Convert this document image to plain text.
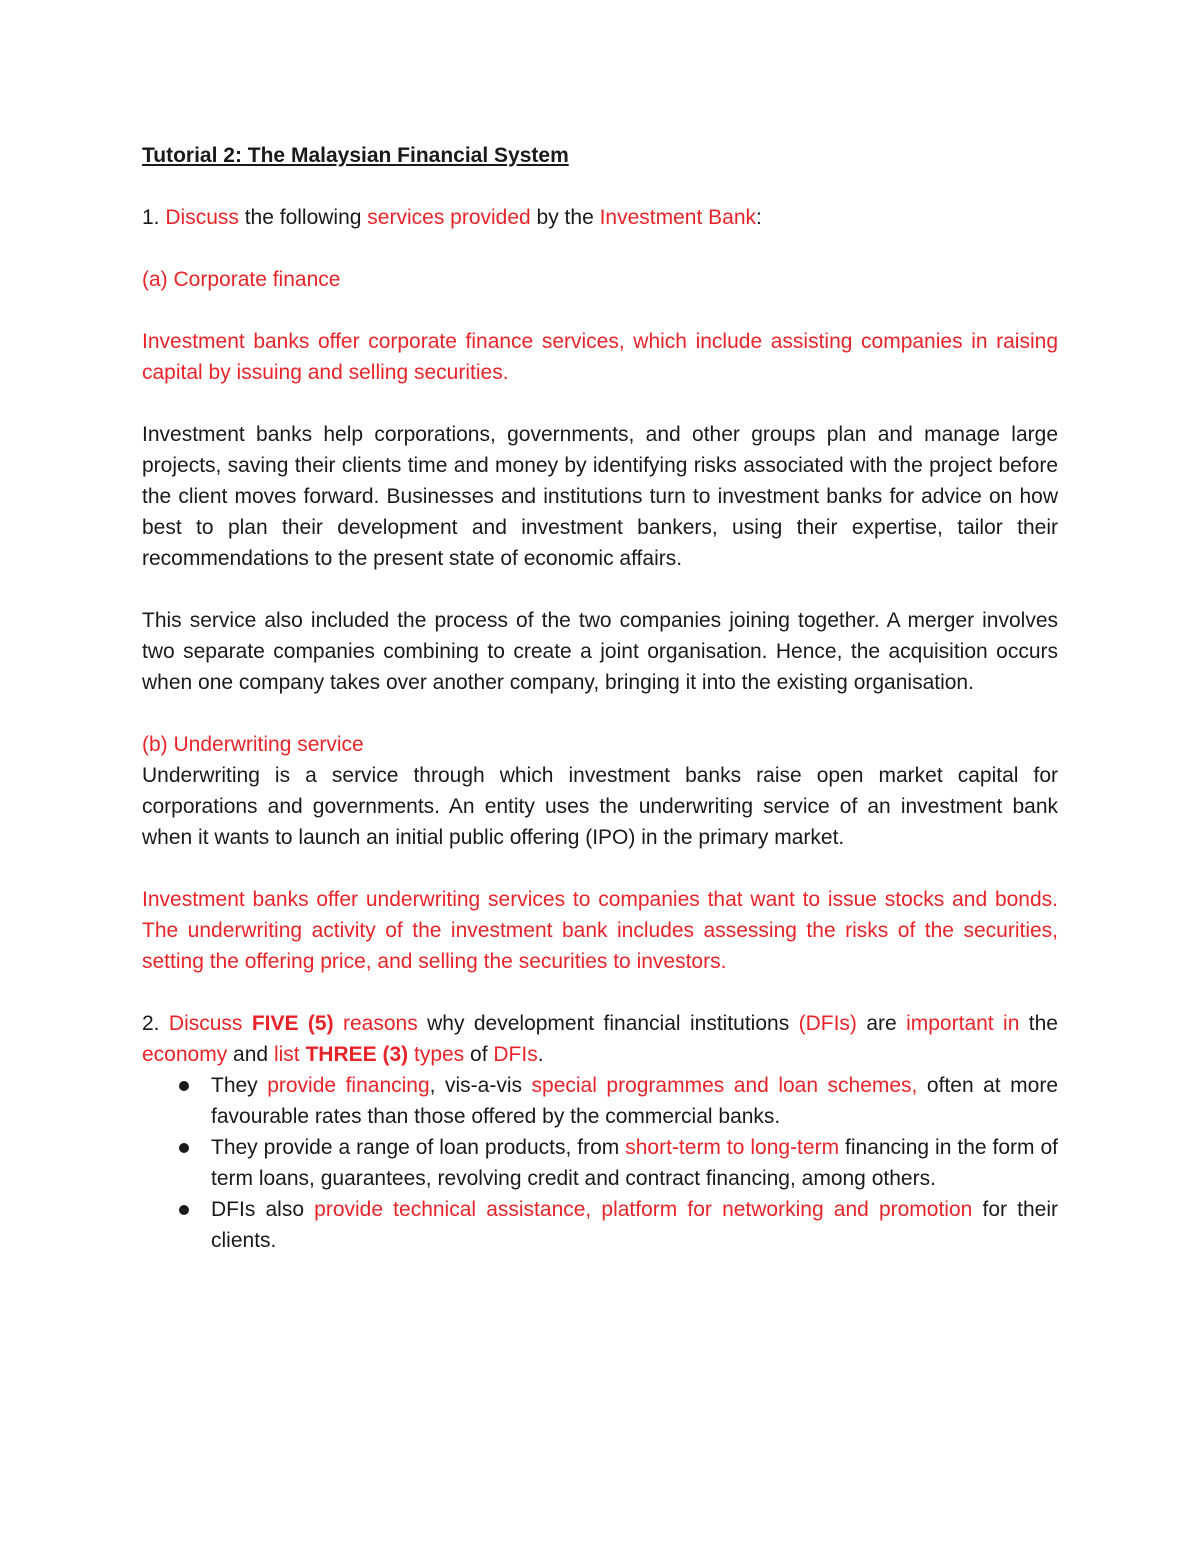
Tutorial 2: The Malaysian Financial System

1. Discuss the following services provided by the Investment Bank:

(a) Corporate finance

Investment banks offer corporate finance services, which include assisting companies in raising capital by issuing and selling securities.

Investment banks help corporations, governments, and other groups plan and manage large projects, saving their clients time and money by identifying risks associated with the project before the client moves forward. Businesses and institutions turn to investment banks for advice on how best to plan their development and investment bankers, using their expertise, tailor their recommendations to the present state of economic affairs.

This service also included the process of the two companies joining together. A merger involves two separate companies combining to create a joint organisation. Hence, the acquisition occurs when one company takes over another company, bringing it into the existing organisation.

(b) Underwriting service

Underwriting is a service through which investment banks raise open market capital for corporations and governments. An entity uses the underwriting service of an investment bank when it wants to launch an initial public offering (IPO) in the primary market.

Investment banks offer underwriting services to companies that want to issue stocks and bonds. The underwriting activity of the investment bank includes assessing the risks of the securities, setting the offering price, and selling the securities to investors.

2. Discuss FIVE (5) reasons why development financial institutions (DFIs) are important in the economy and list THREE (3) types of DFIs.

They provide financing, vis-a-vis special programmes and loan schemes, often at more favourable rates than those offered by the commercial banks.
They provide a range of loan products, from short-term to long-term financing in the form of term loans, guarantees, revolving credit and contract financing, among others.
DFIs also provide technical assistance, platform for networking and promotion for their clients.
